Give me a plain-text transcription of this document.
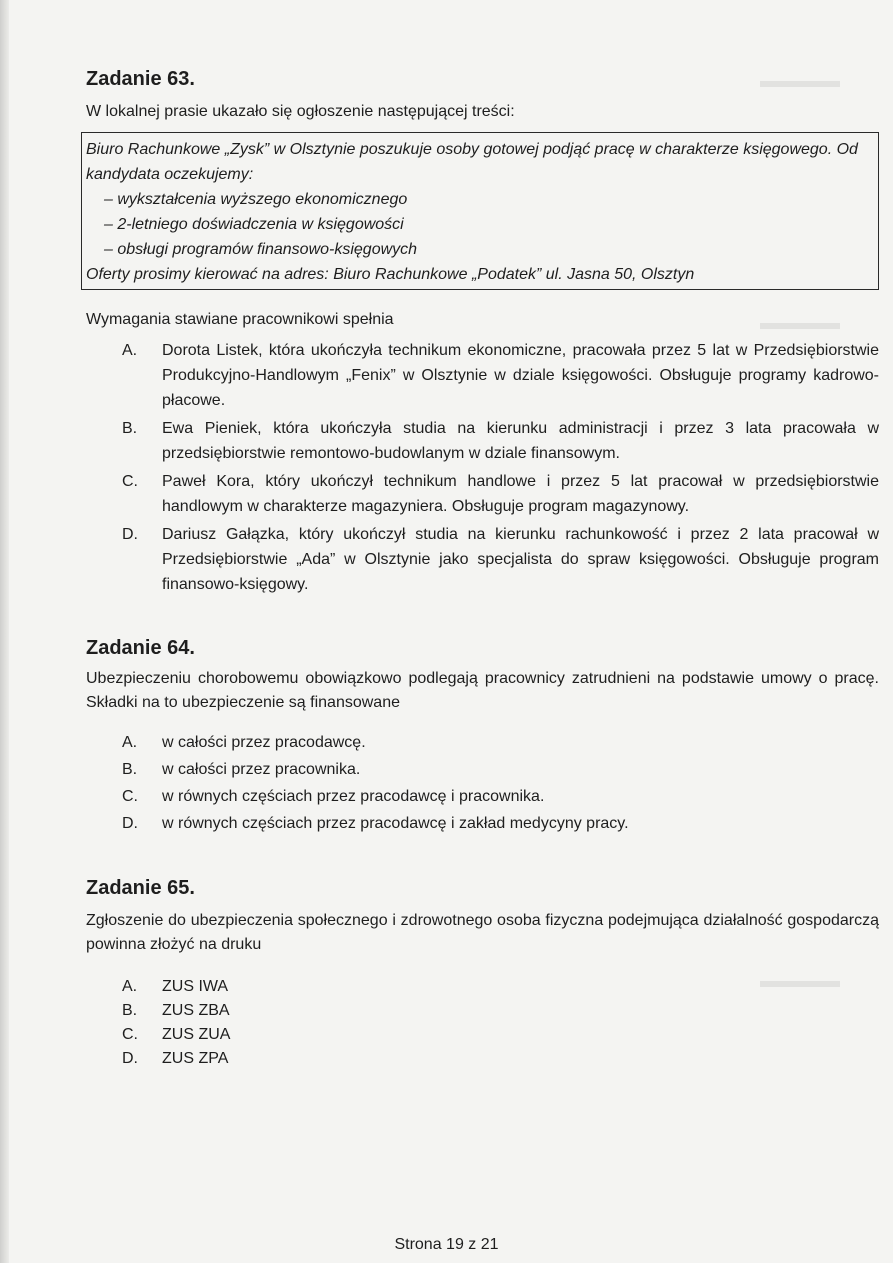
▬▬▬▬
▬▬▬▬
▬▬▬▬
Zadanie 63.

W lokalnej prasie ukazało się ogłoszenie następującej treści:

Biuro Rachunkowe „Zysk” w Olsztynie poszukuje osoby gotowej podjąć pracę w charakterze księgowego. Od kandydata oczekujemy:
– wykształcenia wyższego ekonomicznego
– 2-letniego doświadczenia w księgowości
– obsługi programów finansowo-księgowych
Oferty prosimy kierować na adres: Biuro Rachunkowe „Podatek” ul. Jasna 50, Olsztyn

Wymagania stawiane pracownikowi spełnia

A.	Dorota Listek, która ukończyła technikum ekonomiczne, pracowała przez 5 lat w Przedsiębiorstwie Produkcyjno-Handlowym „Fenix” w Olsztynie w dziale księgowości. Obsługuje programy kadrowo-płacowe.
B.	Ewa Pieniek, która ukończyła studia na kierunku administracji i przez 3 lata pracowała w przedsiębiorstwie remontowo-budowlanym w dziale finansowym.
C.	Paweł Kora, który ukończył technikum handlowe i przez 5 lat pracował w przedsiębiorstwie handlowym w charakterze magazyniera. Obsługuje program magazynowy.
D.	Dariusz Gałązka, który ukończył studia na kierunku rachunkowość i przez 2 lata pracował w Przedsiębiorstwie „Ada” w Olsztynie jako specjalista do spraw księgowości. Obsługuje program finansowo-księgowy.
Zadanie 64.

Ubezpieczeniu chorobowemu obowiązkowo podlegają pracownicy zatrudnieni na podstawie umowy o pracę. Składki na to ubezpieczenie są finansowane

A.	w całości przez pracodawcę.
B.	w całości przez pracownika.
C.	w równych częściach przez pracodawcę i pracownika.
D.	w równych częściach przez pracodawcę i zakład medycyny pracy.
Zadanie 65.

Zgłoszenie do ubezpieczenia społecznego i zdrowotnego osoba fizyczna podejmująca działalność gospodarczą powinna złożyć na druku

A.	ZUS IWA
B.	ZUS ZBA
C.	ZUS ZUA
D.	ZUS ZPA
Strona 19 z 21
